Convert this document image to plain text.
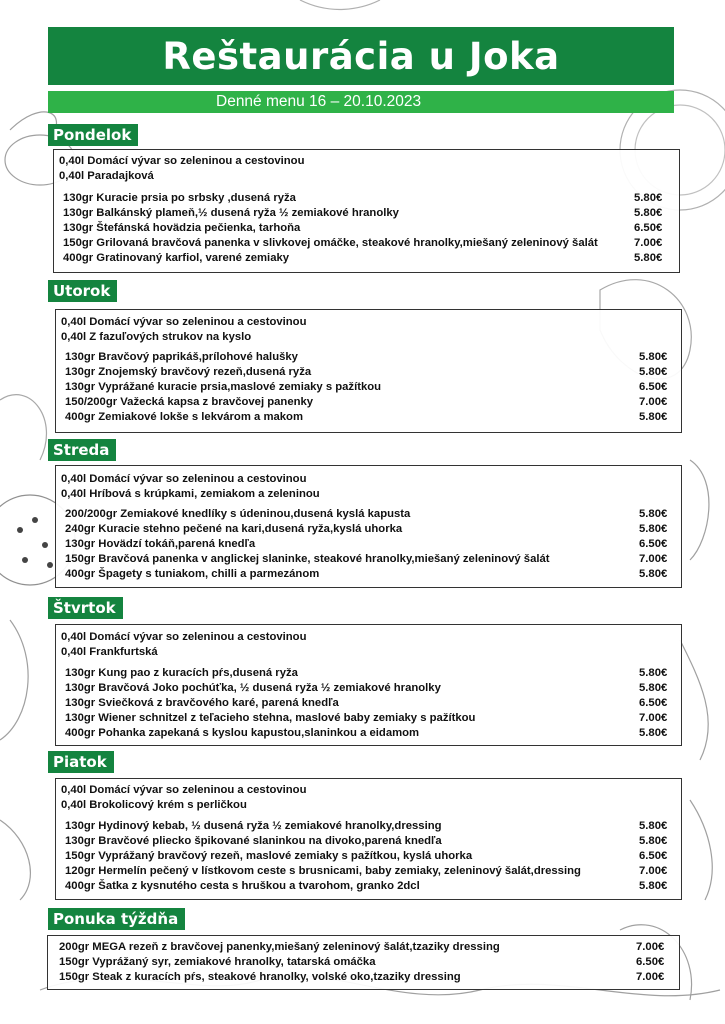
Reštaurácia u Joka
Denné menu 16 – 20.10.2023
Pondelok
0,40l Domácí vývar so zeleninou a cestovinou
0,40l Paradajková
130gr Kuracie prsia po srbsky ,dusená ryža	5.80€
130gr Balkánský plameň,½ dusená ryža ½ zemiakové hranolky	5.80€
130gr Štefánská hovädzia pečienka, tarhoňa	6.50€
150gr Grilovaná bravčová panenka v slivkovej omáčke, steakové hranolky,miešaný zeleninový šalát	7.00€
400gr Gratinovaný karfiol, varené zemiaky	5.80€
Utorok
0,40l Domácí vývar so zeleninou a cestovinou
0,40l Z fazuľových strukov na kyslo
130gr Bravčový paprikáš,prílohové halušky	5.80€
130gr Znojemský bravčový rezeň,dusená ryža	5.80€
130gr Vyprážané kuracie prsia,maslové zemiaky s pažítkou	6.50€
150/200gr Važecká kapsa z bravčovej panenky	7.00€
400gr Zemiakové lokše s lekvárom a makom	5.80€
Streda
0,40l Domácí vývar so zeleninou a cestovinou
0,40l Hríbová s krúpkami, zemiakom a zeleninou
200/200gr Zemiakové knedlíky s údeninou,dusená kyslá kapusta	5.80€
240gr Kuracie stehno pečené na kari,dusená ryža,kyslá uhorka	5.80€
130gr Hovädzí tokáň,parená knedľa	6.50€
150gr Bravčová panenka v anglickej slaninke, steakové hranolky,miešaný zeleninový šalát	7.00€
400gr Špagety s tuniakom, chilli a parmezánom	5.80€
Štvrtok
0,40l Domácí vývar so zeleninou a cestovinou
0,40l Frankfurtská
130gr Kung pao z kuracích pŕs,dusená ryža	5.80€
130gr Bravčová Joko pochúťka, ½ dusená ryža ½ zemiakové hranolky	5.80€
130gr Sviečková z bravčového karé, parená knedľa	6.50€
130gr Wiener schnitzel z teľacieho stehna, maslové baby zemiaky s pažítkou	7.00€
400gr Pohanka zapekaná s kyslou kapustou,slaninkou a eidamom	5.80€
Piatok
0,40l Domácí vývar so zeleninou a cestovinou
0,40l Brokolicový krém s perličkou
130gr Hydinový kebab, ½ dusená ryža ½ zemiakové hranolky,dressing	5.80€
130gr Bravčové pliecko špikované slaninkou na divoko,parená knedľa	5.80€
150gr Vyprážaný bravčový rezeň, maslové zemiaky s pažítkou, kyslá uhorka	6.50€
120gr Hermelín pečený v lístkovom ceste s brusnicami, baby zemiaky, zeleninový šalát,dressing	7.00€
400gr Šatka z kysnutého cesta s hruškou a tvarohom, granko 2dcl	5.80€
Ponuka týždňa
200gr MEGA rezeň z bravčovej panenky,miešaný zeleninový šalát,tzaziky dressing	7.00€
150gr Vyprážaný syr, zemiakové hranolky, tatarská omáčka	6.50€
150gr Steak z kuracích pŕs, steakové hranolky, volské oko,tzaziky dressing	7.00€
